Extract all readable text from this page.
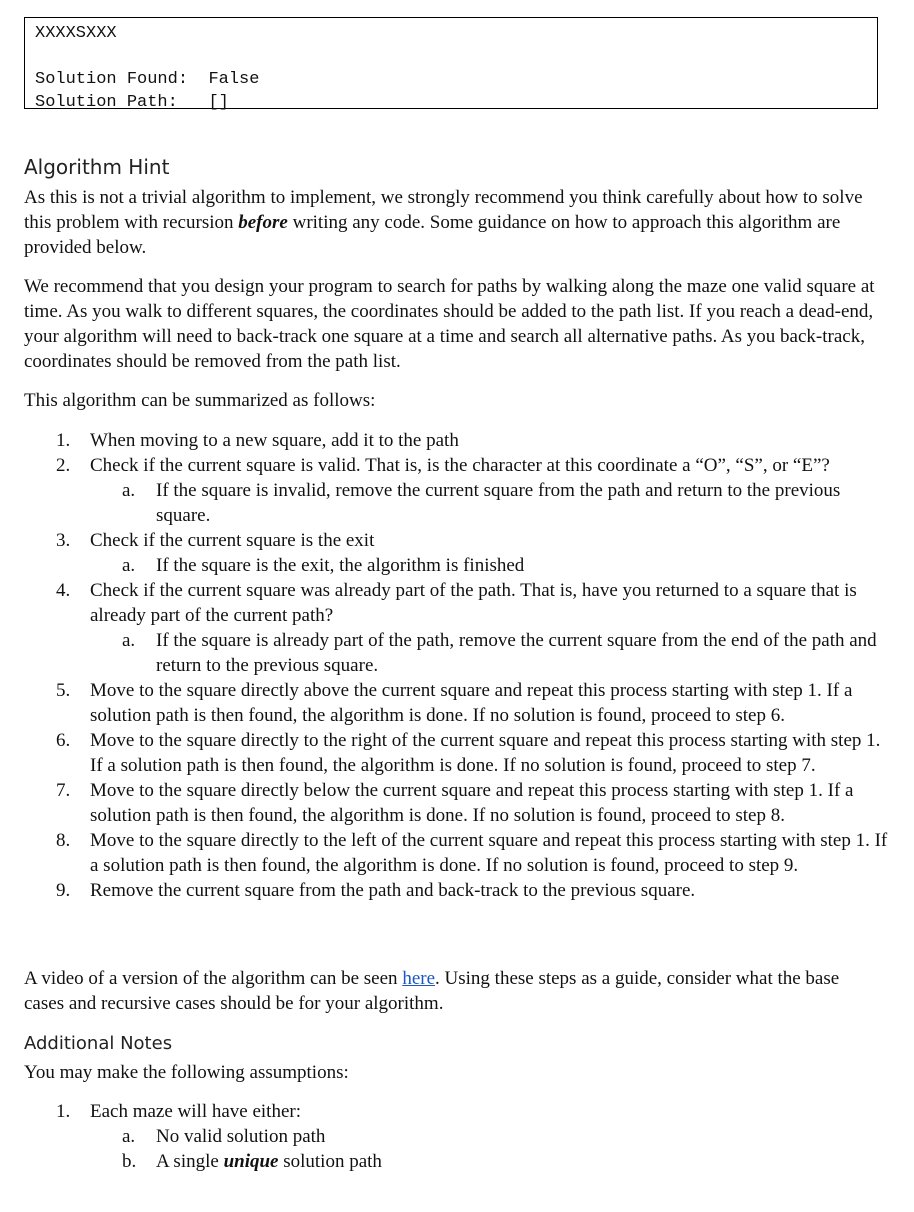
XXXXSXXX
Solution Found: False
Solution Path: []
Algorithm Hint

As this is not a trivial algorithm to implement, we strongly recommend you think carefully about how to solve this problem with recursion before writing any code. Some guidance on how to approach this algorithm are provided below.

We recommend that you design your program to search for paths by walking along the maze one valid square at time. As you walk to different squares, the coordinates should be added to the path list. If you reach a dead-end, your algorithm will need to back-track one square at a time and search all alternative paths. As you back-track, coordinates should be removed from the path list.

This algorithm can be summarized as follows:

1.	When moving to a new square, add it to the path
2.	Check if the current square is valid. That is, is the character at this coordinate a “O”, “S”, or “E”?
a. If the square is invalid, remove the current square from the path and return to the previous square.
3.	Check if the current square is the exit
a. If the square is the exit, the algorithm is finished
4.	Check if the current square was already part of the path. That is, have you returned to a square that is already part of the current path?
a. If the square is already part of the path, remove the current square from the end of the path and return to the previous square.
5.	Move to the square directly above the current square and repeat this process starting with step 1. If a solution path is then found, the algorithm is done. If no solution is found, proceed to step 6.
6.	Move to the square directly to the right of the current square and repeat this process starting with step 1. If a solution path is then found, the algorithm is done. If no solution is found, proceed to step 7.
7.	Move to the square directly below the current square and repeat this process starting with step 1. If a solution path is then found, the algorithm is done. If no solution is found, proceed to step 8.
8.	Move to the square directly to the left of the current square and repeat this process starting with step 1. If a solution path is then found, the algorithm is done. If no solution is found, proceed to step 9.
9.	Remove the current square from the path and back-track to the previous square.

A video of a version of the algorithm can be seen here. Using these steps as a guide, consider what the base cases and recursive cases should be for your algorithm.

Additional Notes

You may make the following assumptions:

1.	Each maze will have either:
a. No valid solution path
b. A single unique solution path
